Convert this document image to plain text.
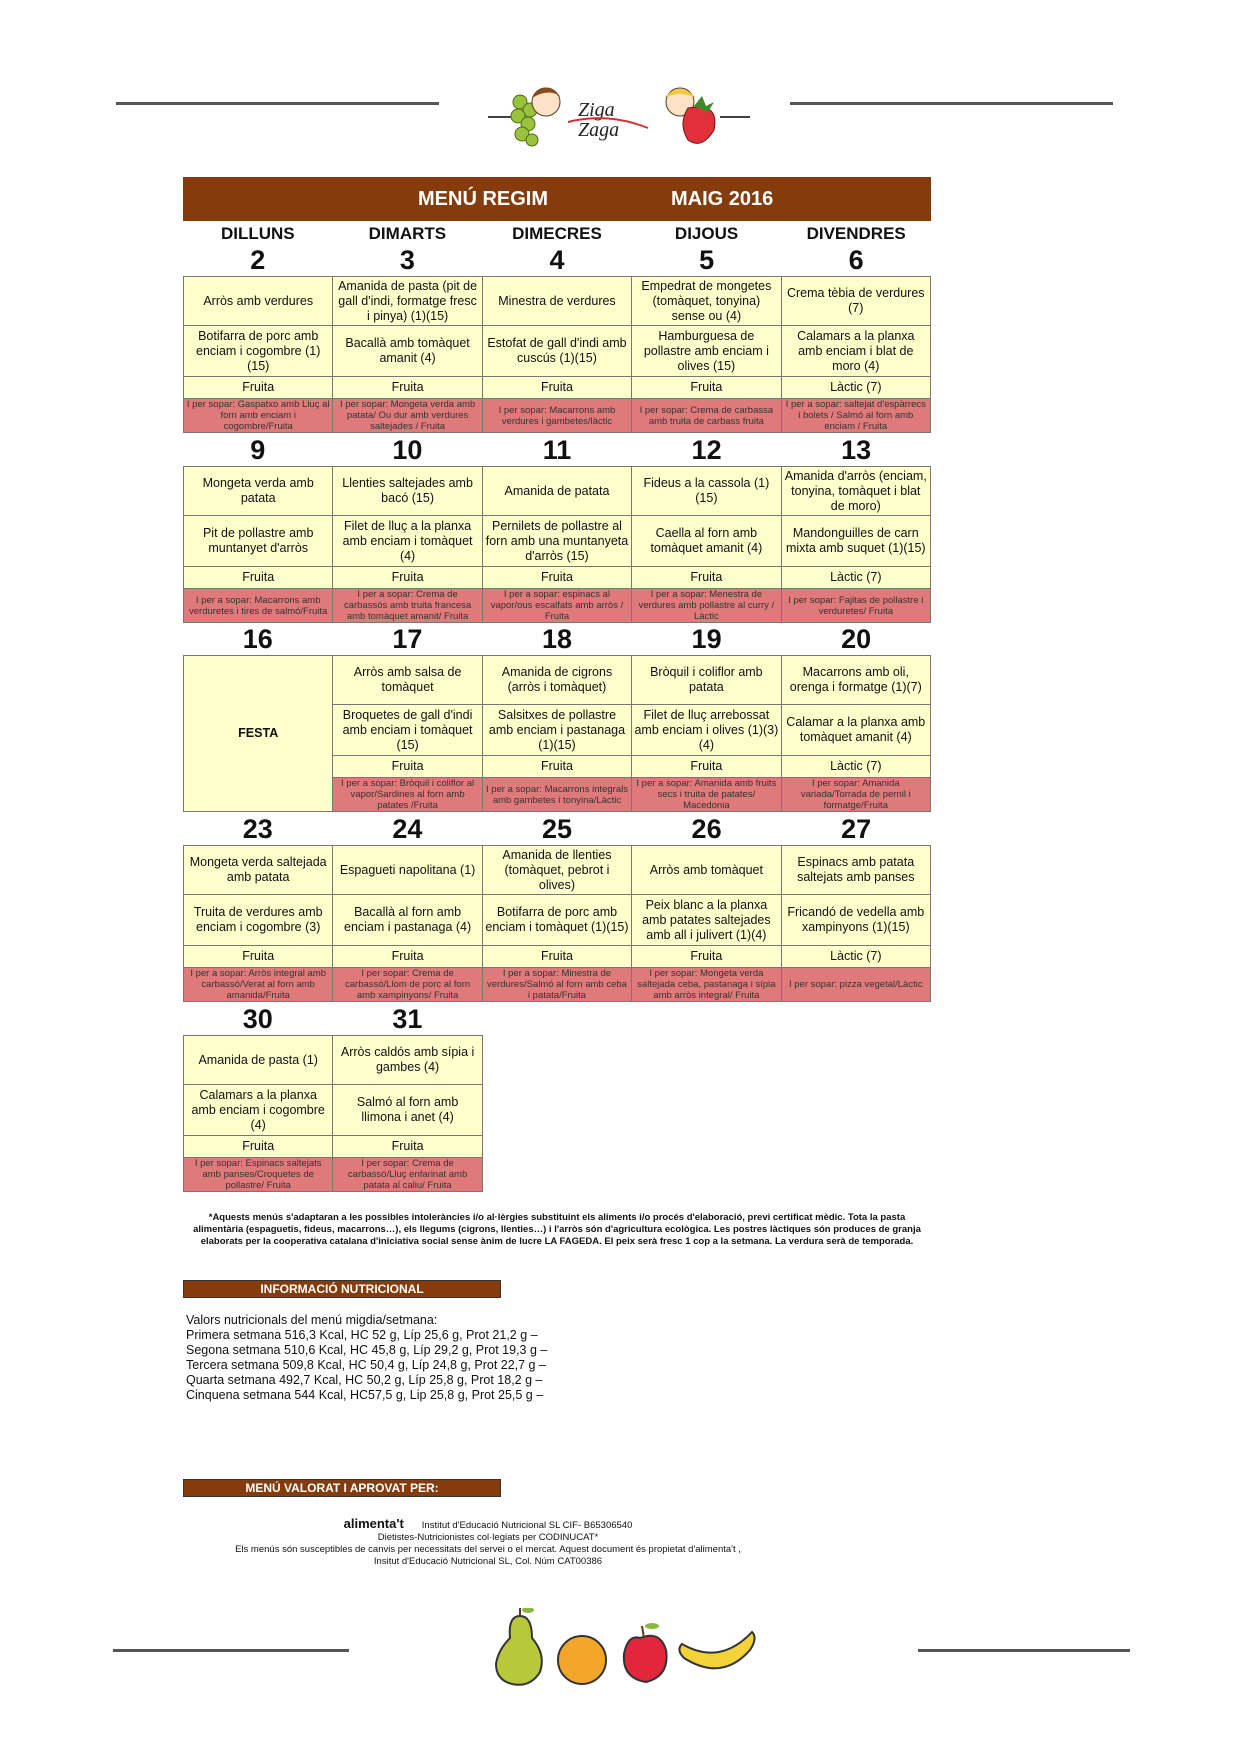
Ziga
Zaga
MENÚ REGIM	MAIG 2016
DILLUNS	DIMARTS	DIMECRES	DIJOUS	DIVENDRES
2	3	4	5	6
Arròs amb verdures	Amanida de pasta (pit de gall d'indi, formatge fresc i pinya) (1)(15)	Minestra de verdures	Empedrat de mongetes (tomàquet, tonyina) sense ou (4)	Crema tèbia de verdures (7)
Botifarra de porc amb enciam i cogombre (1)(15)	Bacallà amb tomàquet amanit (4)	Estofat de gall d'indi amb cuscús (1)(15)	Hamburguesa de pollastre amb enciam i olives (15)	Calamars a la planxa amb enciam i blat de moro (4)
Fruita	Fruita	Fruita	Fruita	Làctic (7)
I per sopar: Gaspatxo amb Lluç al forn amb enciam i cogombre/Fruita	I per sopar: Mongeta verda amb patata/ Ou dur amb verdures saltejades / Fruita	I per sopar: Macarrons amb verdures i gambetes/làctic	I per sopar: Crema de carbassa amb truita de carbass fruita	I per a sopar: saltejat d'espàrrecs i bolets / Salmó al forn amb enciam / Fruita
9	10	11	12	13
Mongeta verda amb patata	Llenties saltejades amb bacó (15)	Amanida de patata	Fideus a la cassola (1)(15)	Amanida d'arròs (enciam, tonyina, tomàquet i blat de moro)
Pit de pollastre amb muntanyet d'arròs	Filet de lluç a la planxa amb enciam i tomàquet (4)	Pernilets de pollastre al forn amb una muntanyeta d'arròs (15)	Caella al forn amb tomàquet amanit (4)	Mandonguilles de carn mixta amb suquet (1)(15)
Fruita	Fruita	Fruita	Fruita	Làctic (7)
I per a sopar: Macarrons amb verduretes i tires de salmó/Fruita	I per a sopar: Crema de carbassós amb truita francesa amb tomàquet amanit/ Fruita	I per a sopar: espinacs al vapor/ous escalfats amb arròs / Fruita	I per a sopar: Menestra de verdures amb pollastre al curry / Làctic	I per sopar: Fajitas de pollastre i verduretes/ Fruita
16	17	18	19	20
FESTA	Arròs amb salsa de tomàquet	Amanida de cigrons (arròs i tomàquet)	Bròquil i coliflor amb patata	Macarrons amb oli, orenga i formatge (1)(7)
	Broquetes de gall d'indi amb enciam i tomàquet (15)	Salsitxes de pollastre amb enciam i pastanaga (1)(15)	Filet de lluç arrebossat amb enciam i olives (1)(3)(4)	Calamar a la planxa amb tomàquet amanit (4)
	Fruita	Fruita	Fruita	Làctic (7)
	I per a sopar: Bròquil i coliflor al vapor/Sardines al forn amb patates /Fruita	I per a sopar: Macarrons integrals amb gambetes i tonyina/Làctic	I per a sopar: Amanida amb fruits secs i truita de patates/ Macedonia	I per sopar: Amanida variada/Torrada de pernil i formatge/Fruita
23	24	25	26	27
Mongeta verda saltejada amb patata	Espagueti napolitana (1)	Amanida de llenties (tomàquet, pebrot i olives)	Arròs amb tomàquet	Espinacs amb patata saltejats amb panses
Truita de verdures amb enciam i cogombre (3)	Bacallà al forn amb enciam i pastanaga (4)	Botifarra de porc amb enciam i tomàquet (1)(15)	Peix blanc a la planxa amb patates saltejades amb all i julivert (1)(4)	Fricandó de vedella amb xampinyons (1)(15)
Fruita	Fruita	Fruita	Fruita	Làctic (7)
I per a sopar: Arròs integral amb carbassó/Verat al forn amb amanida/Fruita	I per sopar: Crema de carbassó/Llom de porc al forn amb xampinyons/ Fruita	I per a sopar: Minestra de verdures/Salmó al forn amb ceba i patata/Fruita	I per sopar: Mongeta verda saltejada ceba, pastanaga i sípia amb arròs integral/ Fruita	I per sopar: pizza vegetal/Làctic
30	31
Amanida de pasta (1)	Arròs caldós amb sípia i gambes (4)			
Calamars a la planxa amb enciam i cogombre (4)	Salmó al forn amb llimona i anet (4)			
Fruita	Fruita			
I per sopar: Espinacs saltejats amb panses/Croquetes de pollastre/ Fruita	I per sopar: Crema de carbassó/Lluç enfarinat amb patata al caliu/ Fruita			
*Aquests menús s'adaptaran a les possibles intoleràncies i/o al·lèrgies substituint els aliments i/o procés d'elaboració, previ certificat mèdic. Tota la pasta alimentària (espaguetis, fideus, macarrons…), els llegums (cigrons, llenties…) i l'arròs són d'agricultura ecològica. Les postres làctiques són produces de granja elaborats per la cooperativa catalana d'iniciativa social sense ànim de lucre LA FAGEDA. El peix serà fresc 1 cop a la setmana. La verdura serà de temporada.
INFORMACIÓ NUTRICIONAL
Valors nutricionals del menú migdia/setmana:
Primera setmana 516,3 Kcal, HC 52 g, Líp 25,6 g, Prot 21,2 g –
Segona setmana 510,6 Kcal, HC 45,8 g, Líp 29,2 g, Prot 19,3 g –
Tercera setmana 509,8 Kcal, HC 50,4 g, Líp 24,8 g, Prot 22,7 g –
Quarta setmana 492,7 Kcal, HC 50,2 g, Líp 25,8 g, Prot 18,2 g –
Cinquena setmana 544 Kcal, HC57,5 g, Lip 25,8 g, Prot 25,5 g –
MENÚ VALORAT I APROVAT PER:
alimenta't Institut d'Educació Nutricional SL CIF- B65306540
Dietistes-Nutricionistes col·legiats per CODINUCAT*
Els menús són susceptibles de canvis per necessitats del servei o el mercat. Aquest document és propietat d'alimenta't , Insitut d'Educació Nutricional SL, Col. Núm CAT00386
